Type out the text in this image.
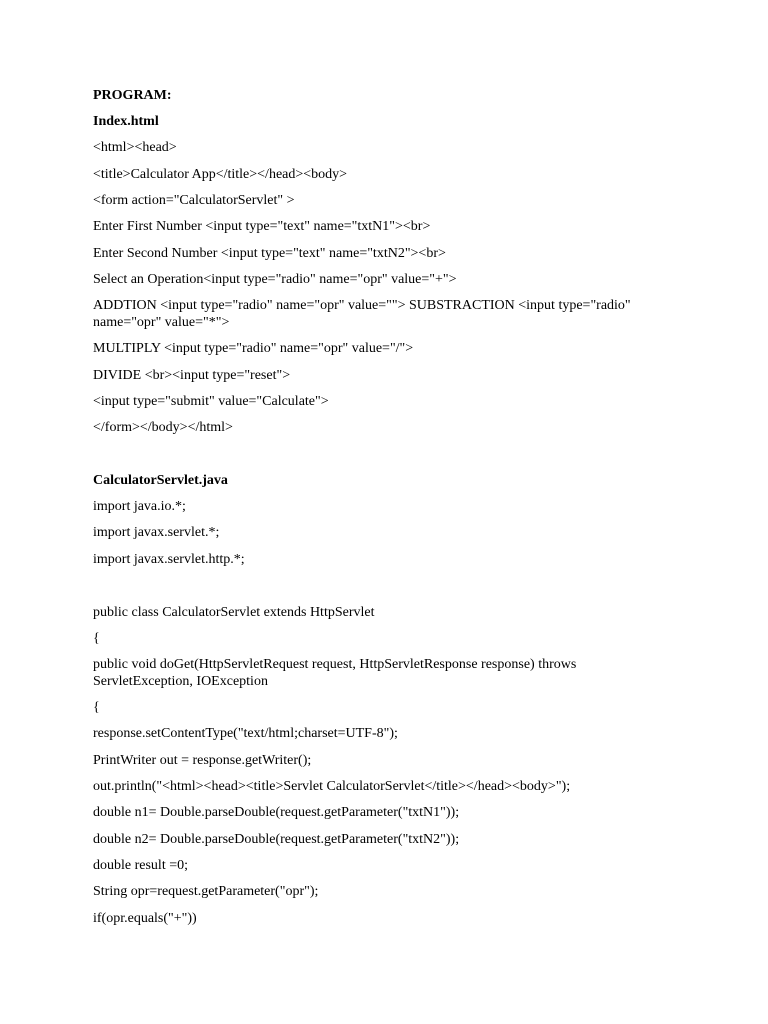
PROGRAM:
Index.html
<html><head>
<title>Calculator App</title></head><body>
<form action="CalculatorServlet" >
Enter First Number <input type="text" name="txtN1"><br>
Enter Second Number <input type="text" name="txtN2"><br>
Select an Operation<input type="radio" name="opr" value="+">
ADDTION <input type="radio" name="opr" value=""> SUBSTRACTION <input type="radio" name="opr" value="*">
MULTIPLY <input type="radio" name="opr" value="/">
DIVIDE <br><input type="reset">
<input type="submit" value="Calculate">
</form></body></html>
CalculatorServlet.java
import java.io.*;
import javax.servlet.*;
import javax.servlet.http.*;
public class CalculatorServlet extends HttpServlet
{
public void doGet(HttpServletRequest request, HttpServletResponse response) throws ServletException, IOException
{
response.setContentType("text/html;charset=UTF-8");
PrintWriter out = response.getWriter();
out.println("<html><head><title>Servlet CalculatorServlet</title></head><body>");
double n1= Double.parseDouble(request.getParameter("txtN1"));
double n2= Double.parseDouble(request.getParameter("txtN2"));
double result =0;
String opr=request.getParameter("opr");
if(opr.equals("+"))
